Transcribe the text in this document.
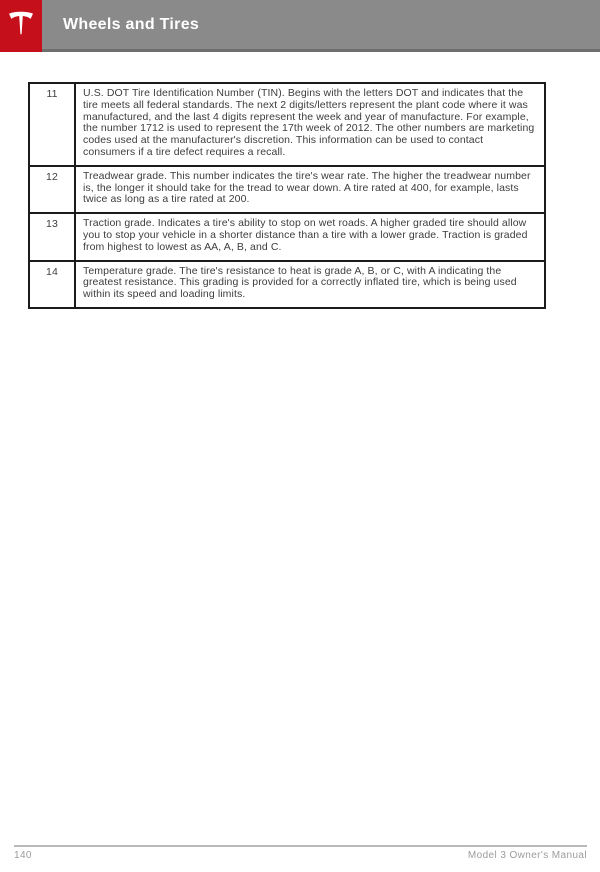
Wheels and Tires
11	U.S. DOT Tire Identification Number (TIN). Begins with the letters DOT and indicates that the tire meets all federal standards. The next 2 digits/letters represent the plant code where it was manufactured, and the last 4 digits represent the week and year of manufacture. For example, the number 1712 is used to represent the 17th week of 2012. The other numbers are marketing codes used at the manufacturer's discretion. This information can be used to contact consumers if a tire defect requires a recall.
12	Treadwear grade. This number indicates the tire's wear rate. The higher the treadwear number is, the longer it should take for the tread to wear down. A tire rated at 400, for example, lasts twice as long as a tire rated at 200.
13	Traction grade. Indicates a tire's ability to stop on wet roads. A higher graded tire should allow you to stop your vehicle in a shorter distance than a tire with a lower grade. Traction is graded from highest to lowest as AA, A, B, and C.
14	Temperature grade. The tire's resistance to heat is grade A, B, or C, with A indicating the greatest resistance. This grading is provided for a correctly inflated tire, which is being used within its speed and loading limits.
140	Model 3 Owner's Manual
